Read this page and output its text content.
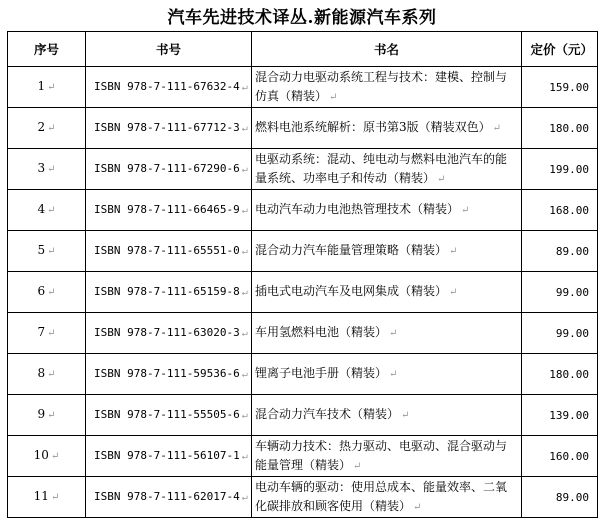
汽车先进技术译丛.新能源汽车系列
序号	书号	书名	定价（元）
1 ↵	ISBN 978-7-111-67632-4 ↵	混合动力电驱动系统工程与技术：建模、控制与仿真（精装） ↵	159.00
2 ↵	ISBN 978-7-111-67712-3 ↵	燃料电池系统解析：原书第3版（精装双色） ↵	180.00
3 ↵	ISBN 978-7-111-67290-6 ↵	电驱动系统：混动、纯电动与燃料电池汽车的能量系统、功率电子和传动（精装） ↵	199.00
4 ↵	ISBN 978-7-111-66465-9 ↵	电动汽车动力电池热管理技术（精装） ↵	168.00
5 ↵	ISBN 978-7-111-65551-0 ↵	混合动力汽车能量管理策略（精装） ↵	89.00
6 ↵	ISBN 978-7-111-65159-8 ↵	插电式电动汽车及电网集成（精装） ↵	99.00
7 ↵	ISBN 978-7-111-63020-3 ↵	车用氢燃料电池（精装） ↵	99.00
8 ↵	ISBN 978-7-111-59536-6 ↵	锂离子电池手册（精装） ↵	180.00
9 ↵	ISBN 978-7-111-55505-6 ↵	混合动力汽车技术（精装） ↵	139.00
10 ↵	ISBN 978-7-111-56107-1 ↵	车辆动力技术：热力驱动、电驱动、混合驱动与能量管理（精装） ↵	160.00
11 ↵	ISBN 978-7-111-62017-4 ↵	电动车辆的驱动：使用总成本、能量效率、二氧化碳排放和顾客使用（精装） ↵	89.00
